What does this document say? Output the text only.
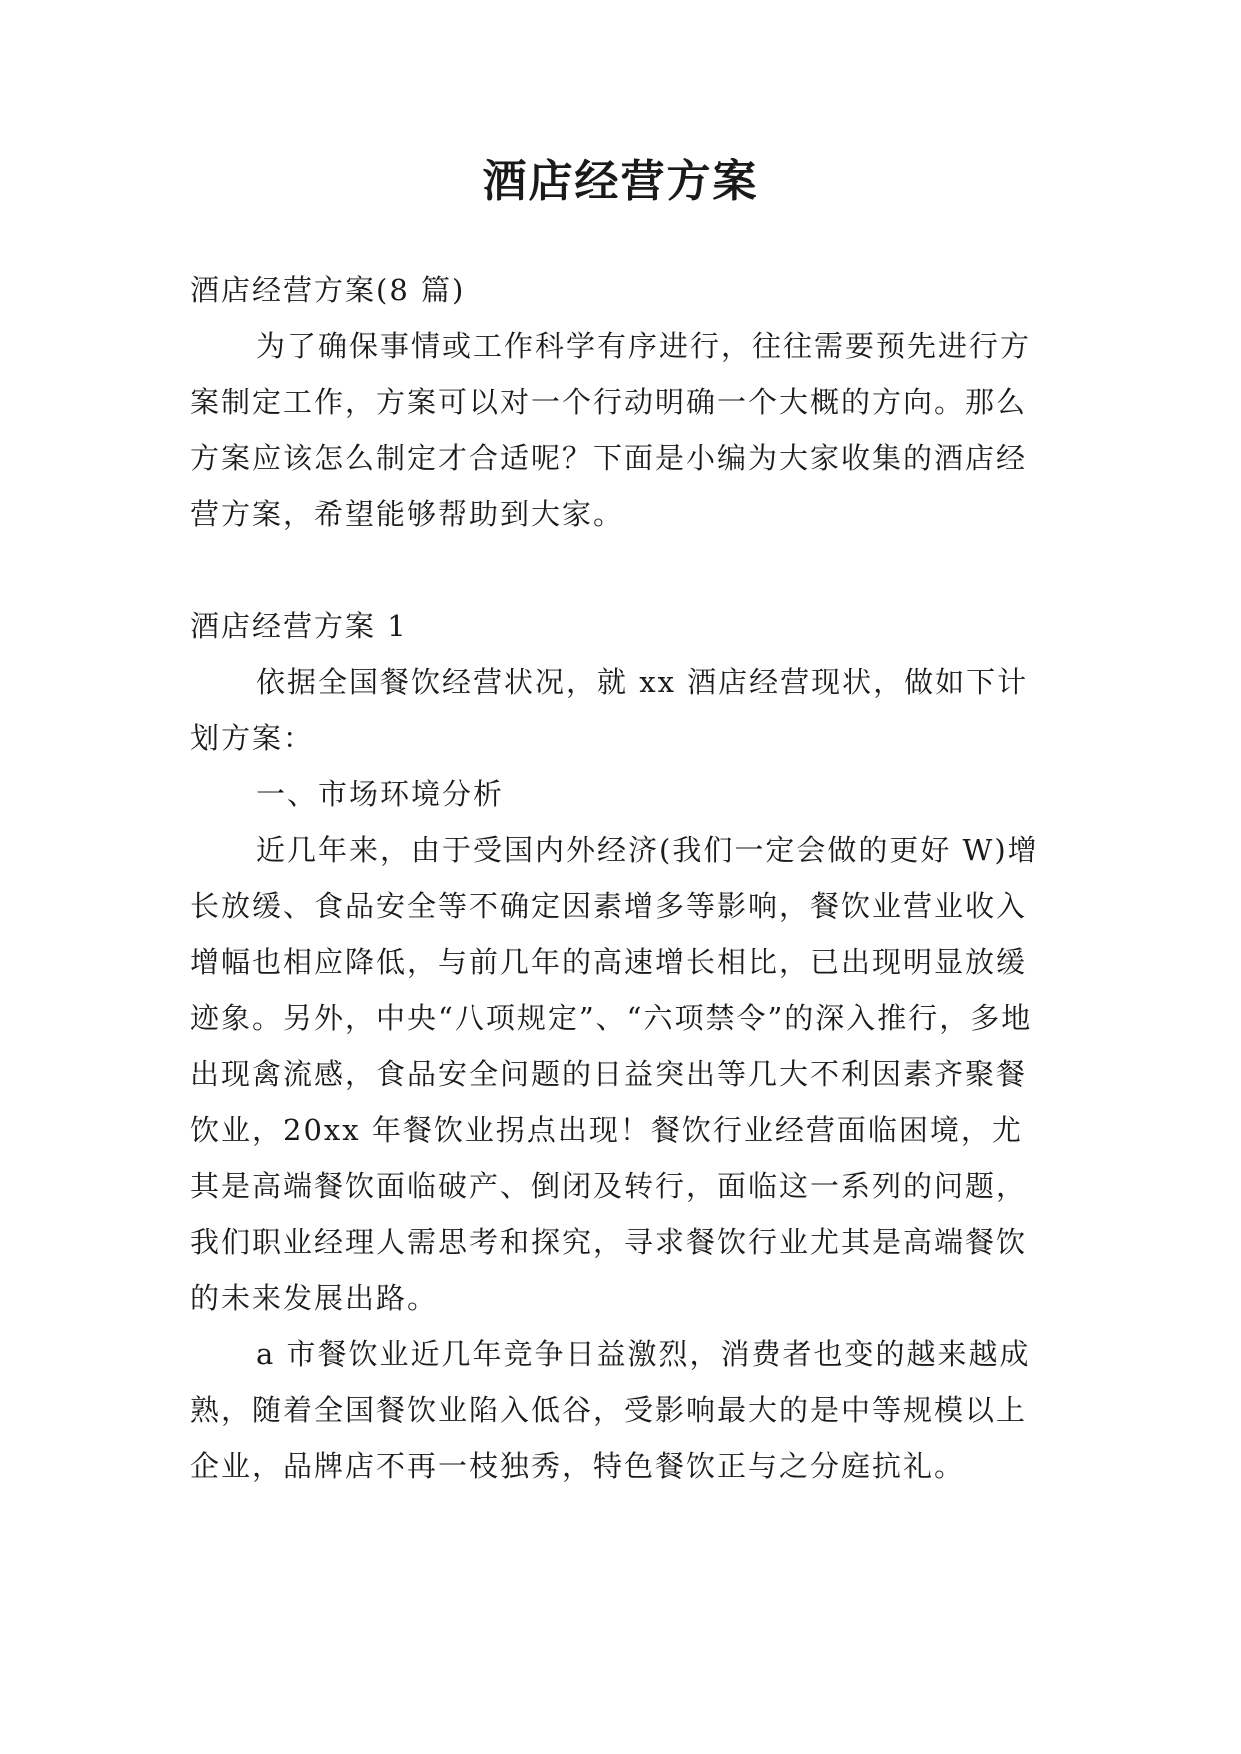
酒店经营方案

酒店经营方案(8 篇)

为了确保事情或工作科学有序进行，往往需要预先进行方案制定工作，方案可以对一个行动明确一个大概的方向。那么方案应该怎么制定才合适呢？下面是小编为大家收集的酒店经营方案，希望能够帮助到大家。

酒店经营方案 1

依据全国餐饮经营状况，就 xx 酒店经营现状，做如下计划方案：

一、市场环境分析

近几年来，由于受国内外经济(我们一定会做的更好 W)增长放缓、食品安全等不确定因素增多等影响，餐饮业营业收入增幅也相应降低，与前几年的高速增长相比，已出现明显放缓迹象。另外，中央“八项规定”、“六项禁令”的深入推行，多地出现禽流感，食品安全问题的日益突出等几大不利因素齐聚餐饮业，20xx 年餐饮业拐点出现！餐饮行业经营面临困境，尤其是高端餐饮面临破产、倒闭及转行，面临这一系列的问题，我们职业经理人需思考和探究，寻求餐饮行业尤其是高端餐饮的未来发展出路。

a 市餐饮业近几年竞争日益激烈，消费者也变的越来越成熟，随着全国餐饮业陷入低谷，受影响最大的是中等规模以上企业，品牌店不再一枝独秀，特色餐饮正与之分庭抗礼。
